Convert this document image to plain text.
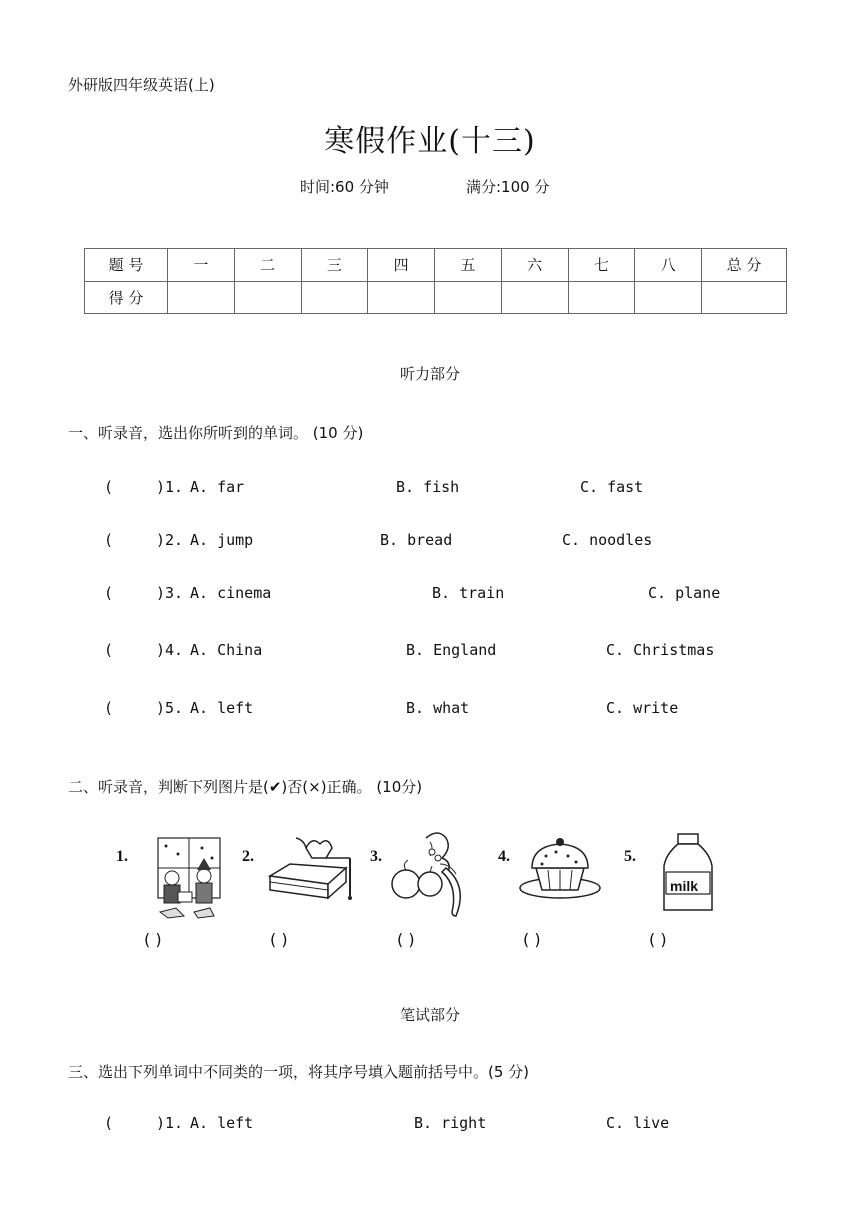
外研版四年级英语(上)
寒假作业(十三)
时间:60 分钟	满分:100 分
题 号	一	二	三	四	五	六	七	八	总 分
得 分									
听力部分
一、听录音，选出你所听到的单词。 (10 分)
(	)1. A. far	B. fish	C. fast
(	)2. A. jump	B. bread	C. noodles
(	)3. A. cinema	B. train	C. plane
(	)4. A. China	B. England	C. Christmas
(	)5. A. left	B. what	C. write
二、听录音，判断下列图片是(✔)否(×)正确。 (10分)
1.	2.	3.	4.	5.
milk
( )	( )	( )	( )	( )
笔试部分
三、选出下列单词中不同类的一项，将其序号填入题前括号中。(5 分)
(	)1. A. left	B. right	C. live
